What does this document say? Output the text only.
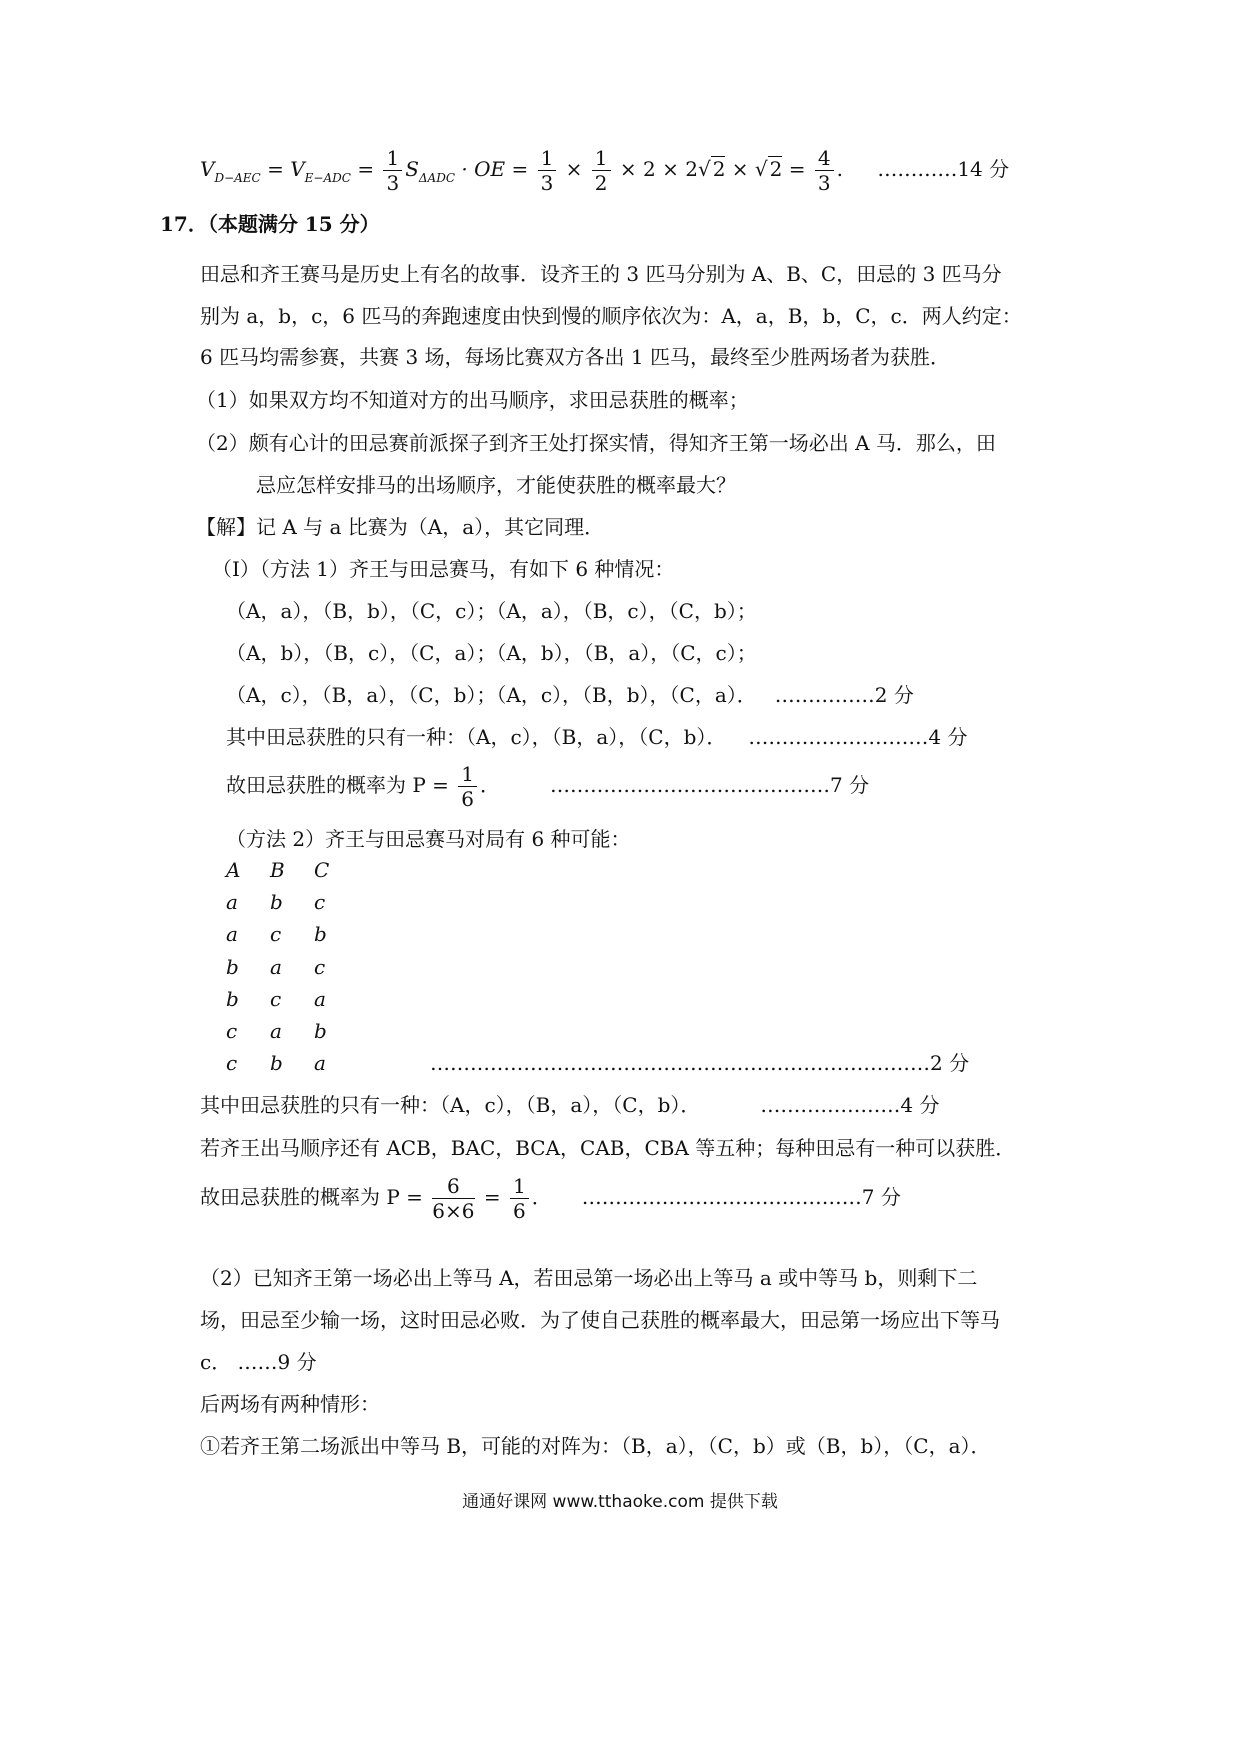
$V_{D-AEC} = V_{E-ADC} = \frac{1}{3} S_{\Delta ADC}$ · OE = $\frac{1}{3} \times \frac{1}{2} \times 2 \times 2√$ 2 × √ $2 = \frac{4}{3}$ . …………14 分
17．（本题满分 15 分）
田忌和齐王赛马是历史上有名的故事．设齐王的 3 匹马分别为 A、B、C，田忌的 3 匹马分
别为 a，b，c，6 匹马的奔跑速度由快到慢的顺序依次为：A，a，B，b，C，c．两人约定：
6 匹马均需参赛，共赛 3 场，每场比赛双方各出 1 匹马，最终至少胜两场者为获胜．
（1）如果双方均不知道对方的出马顺序，求田忌获胜的概率；
（2）颇有心计的田忌赛前派探子到齐王处打探实情，得知齐王第一场必出 A 马．那么，田
忌应怎样安排马的出场顺序，才能使获胜的概率最大？
【解】记 A 与 a 比赛为（A，a），其它同理．
（Ⅰ）（方法 1）齐王与田忌赛马，有如下 6 种情况：
（A，a），（B，b），（C，c）；（A，a），（B，c），（C，b）；
（A，b），（B，c），（C，a）；（A，b），（B，a），（C，c）；
（A，c），（B，a），（C，b）；（A，c），（B，b），（C，a）． ……………2 分
其中田忌获胜的只有一种：（A，c），（B，a），（C，b）． ………………………4 分
故田忌获胜的概率为 $P = \frac{1}{6}$ ．	……………………………………7 分
（方法 2）齐王与田忌赛马对局有 6 种可能：
A B C
a b c
a c b
b a c
b c a
c a b
c b a	…………………………………………………………………2 分
其中田忌获胜的只有一种：（A，c），（B，a），（C，b）．	…………………4 分
若齐王出马顺序还有 ACB，BAC，BCA，CAB，CBA 等五种；每种田忌有一种可以获胜．
故田忌获胜的概率为 $P = \frac{6}{6\times 6} = \frac{1}{6}$ ． ……………………………………7 分
（2）已知齐王第一场必出上等马 A，若田忌第一场必出上等马 a 或中等马 b，则剩下二
场，田忌至少输一场，这时田忌必败．为了使自己获胜的概率最大，田忌第一场应出下等马
c． ……9 分
后两场有两种情形：
①若齐王第二场派出中等马 B，可能的对阵为：（B，a），（C，b）或（B，b），（C，a）．
通通好课网 www.tthaoke.com 提供下载
